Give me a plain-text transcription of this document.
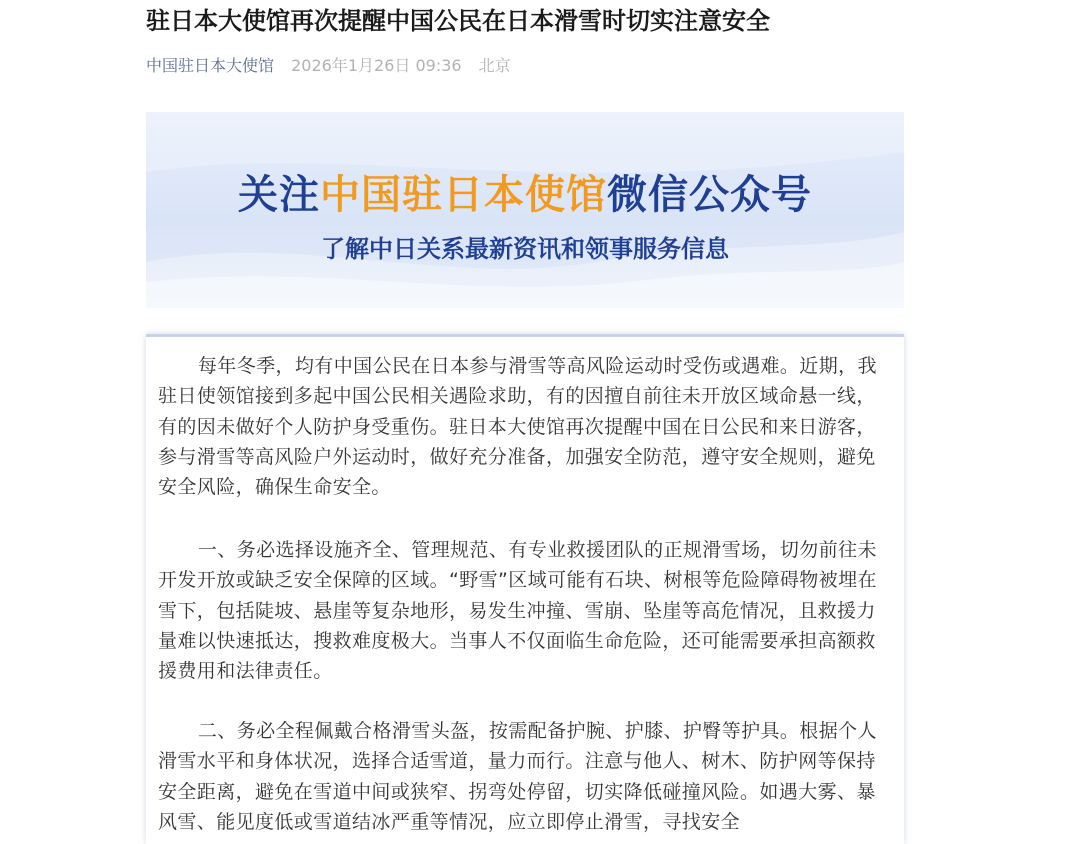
驻日本大使馆再次提醒中国公民在日本滑雪时切实注意安全
中国驻日本大使馆 2026年1月26日 09:36 北京
关注中国驻日本使馆微信公众号
了解中日关系最新资讯和领事服务信息

每年冬季，均有中国公民在日本参与滑雪等高风险运动时受伤或遇难。近期，我驻日使领馆接到多起中国公民相关遇险求助，有的因擅自前往未开放区域命悬一线，有的因未做好个人防护身受重伤。驻日本大使馆再次提醒中国在日公民和来日游客，参与滑雪等高风险户外运动时，做好充分准备，加强安全防范，遵守安全规则，避免安全风险，确保生命安全。

一、务必选择设施齐全、管理规范、有专业救援团队的正规滑雪场，切勿前往未开发开放或缺乏安全保障的区域。“野雪”区域可能有石块、树根等危险障碍物被埋在雪下，包括陡坡、悬崖等复杂地形，易发生冲撞、雪崩、坠崖等高危情况，且救援力量难以快速抵达，搜救难度极大。当事人不仅面临生命危险，还可能需要承担高额救援费用和法律责任。

二、务必全程佩戴合格滑雪头盔，按需配备护腕、护膝、护臀等护具。根据个人滑雪水平和身体状况，选择合适雪道，量力而行。注意与他人、树木、防护网等保持安全距离，避免在雪道中间或狭窄、拐弯处停留，切实降低碰撞风险。如遇大雾、暴风雪、能见度低或雪道结冰严重等情况，应立即停止滑雪，寻找安全
